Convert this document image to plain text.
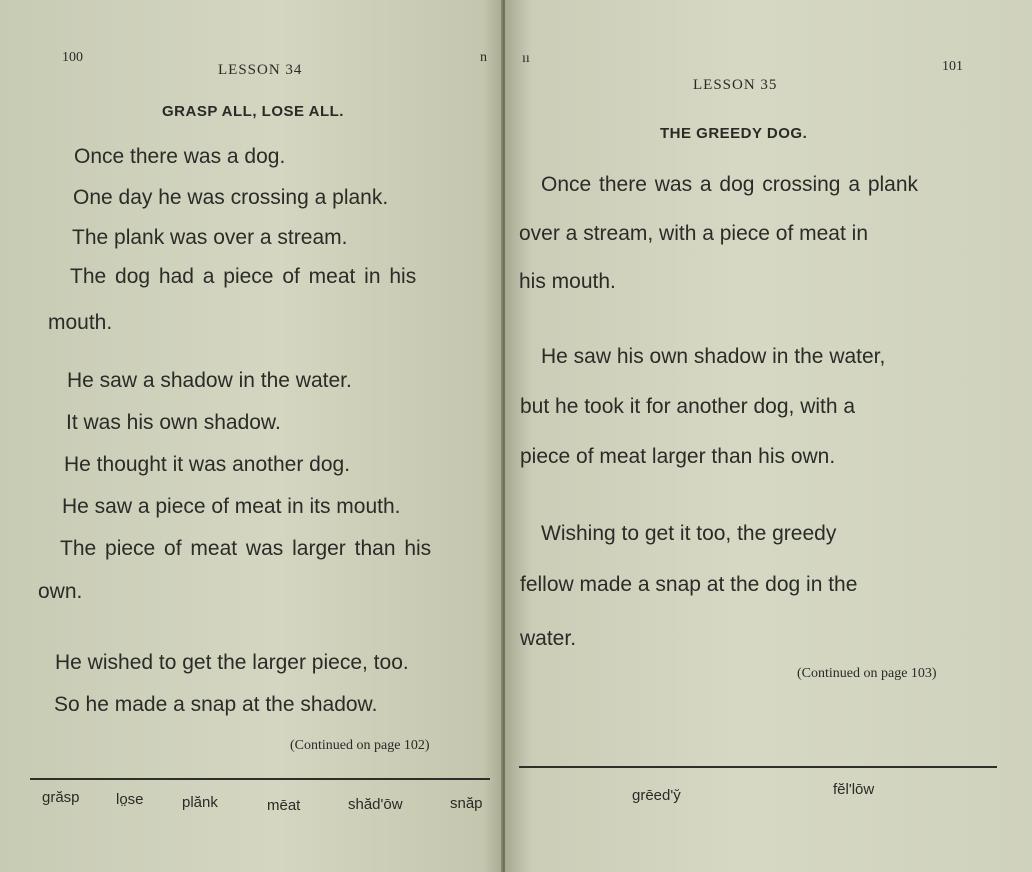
100	n
LESSON 34
GRASP ALL, LOSE ALL.
Once there was a dog.
One day he was crossing a plank.
The plank was over a stream.
The dog had a piece of meat in his
mouth.
He saw a shadow in the water.
It was his own shadow.
He thought it was another dog.
He saw a piece of meat in its mouth.
The piece of meat was larger than his
own.
He wished to get the larger piece, too.
So he made a snap at the shadow.
(Continued on page 102)
grăsp lo̤se	plănk	mēat	shăd'ōw	snăp
ıı
101
LESSON 35
THE GREEDY DOG.
Once there was a dog crossing a plank
over a stream, with a piece of meat in
his mouth.
He saw his own shadow in the water,
but he took it for another dog, with a
piece of meat larger than his own.
Wishing to get it too, the greedy
fellow made a snap at the dog in the
water.
(Continued on page 103)
grēed'y̆	fĕl'lōw
